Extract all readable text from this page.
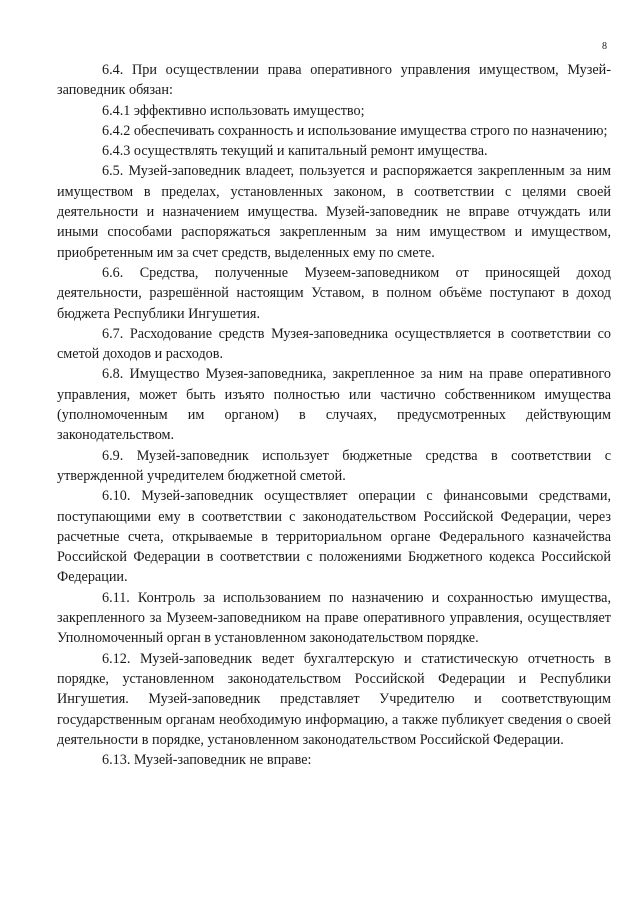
8

6.4. При осуществлении права оперативного управления имуществом, Музей-заповедник обязан:

6.4.1 эффективно использовать имущество;

6.4.2 обеспечивать сохранность и использование имущества строго по назначению;

6.4.3 осуществлять текущий и капитальный ремонт имущества.

6.5. Музей-заповедник владеет, пользуется и распоряжается закрепленным за ним имуществом в пределах, установленных законом, в соответствии с целями своей деятельности и назначением имущества. Музей-заповедник не вправе отчуждать или иными способами распоряжаться закрепленным за ним имуществом и имуществом, приобретенным им за счет средств, выделенных ему по смете.

6.6. Средства, полученные Музеем-заповедником от приносящей доход деятельности, разрешённой настоящим Уставом, в полном объёме поступают в доход бюджета Республики Ингушетия.

6.7. Расходование средств Музея-заповедника осуществляется в соответствии со сметой доходов и расходов.

6.8. Имущество Музея-заповедника, закрепленное за ним на праве оперативного управления, может быть изъято полностью или частично собственником имущества (уполномоченным им органом) в случаях, предусмотренных действующим законодательством.

6.9. Музей-заповедник использует бюджетные средства в соответствии с утвержденной учредителем бюджетной сметой.

6.10. Музей-заповедник осуществляет операции с финансовыми средствами, поступающими ему в соответствии с законодательством Российской Федерации, через расчетные счета, открываемые в территориальном органе Федерального казначейства Российской Федерации в соответствии с положениями Бюджетного кодекса Российской Федерации.

6.11. Контроль за использованием по назначению и сохранностью имущества, закрепленного за Музеем-заповедником на праве оперативного управления, осуществляет Уполномоченный орган в установленном законодательством порядке.

6.12. Музей-заповедник ведет бухгалтерскую и статистическую отчетность в порядке, установленном законодательством Российской Федерации и Республики Ингушетия. Музей-заповедник представляет Учредителю и соответствующим государственным органам необходимую информацию, а также публикует сведения о своей деятельности в порядке, установленном законодательством Российской Федерации.

6.13. Музей-заповедник не вправе:
